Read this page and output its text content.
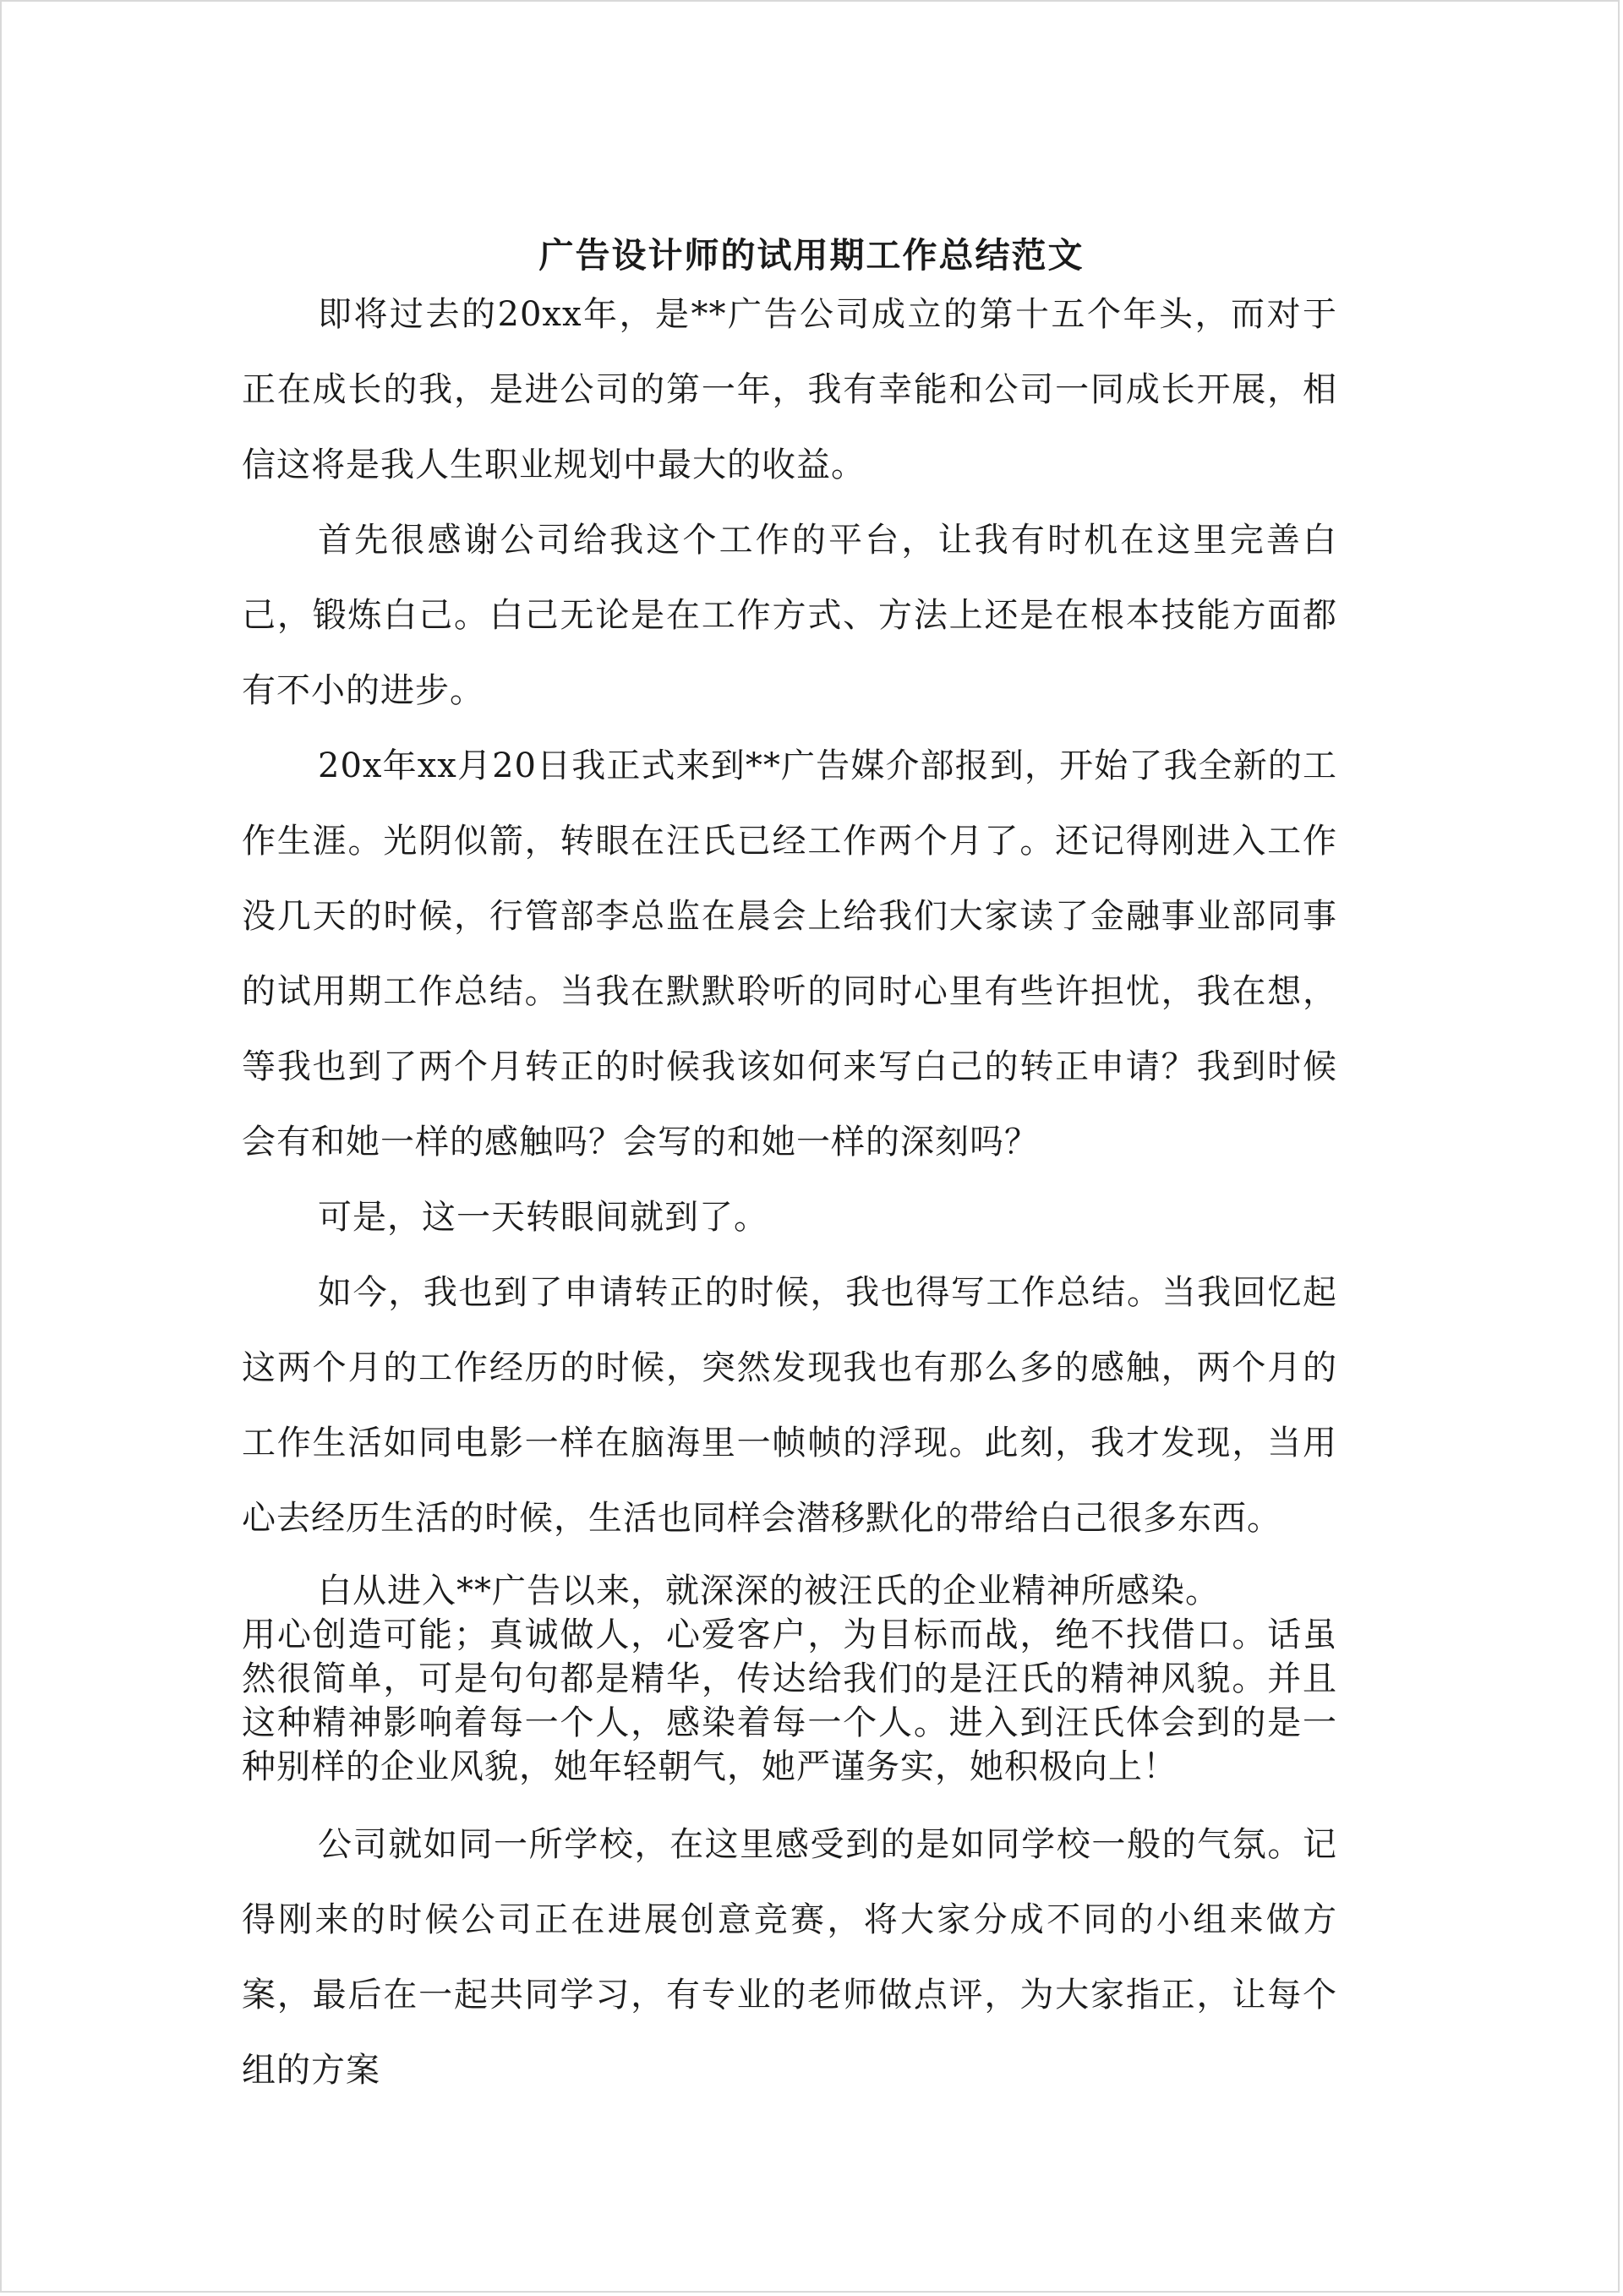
广告设计师的试用期工作总结范文

即将过去的20xx年，是**广告公司成立的第十五个年头，而对于正在成长的我，是进公司的第一年，我有幸能和公司一同成长开展，相信这将是我人生职业规划中最大的收益。

首先很感谢公司给我这个工作的平台，让我有时机在这里完善白己，锻炼白己。白己无论是在工作方式、方法上还是在根本技能方面都有不小的进步。

20x年xx月20日我正式来到**广告媒介部报到，开始了我全新的工作生涯。光阴似箭，转眼在汪氏已经工作两个月了。还记得刚进入工作没几天的时候，行管部李总监在晨会上给我们大家读了金融事业部同事的试用期工作总结。当我在默默聆听的同时心里有些许担忧，我在想，等我也到了两个月转正的时候我该如何来写白己的转正申请？我到时候会有和她一样的感触吗？会写的和她一样的深刻吗？

可是，这一天转眼间就到了。

如今，我也到了申请转正的时候，我也得写工作总结。当我回忆起这两个月的工作经历的时候，突然发现我也有那么多的感触，两个月的工作生活如同电影一样在脑海里一帧帧的浮现。此刻，我才发现，当用心去经历生活的时候，生活也同样会潜移默化的带给白己很多东西。

白从进入**广告以来，就深深的被汪氏的企业精神所感染。
用心创造可能；真诚做人，心爱客户，为目标而战，绝不找借口。话虽然很简单，可是句句都是精华，传达给我们的是汪氏的精神风貌。并且这种精神影响着每一个人，感染着每一个人。进入到汪氏体会到的是一种别样的企业风貌，她年轻朝气，她严谨务实，她积极向上！

公司就如同一所学校，在这里感受到的是如同学校一般的气氛。记得刚来的时候公司正在进展创意竞赛，将大家分成不同的小组来做方案，最后在一起共同学习，有专业的老师做点评，为大家指正，让每个组的方案
